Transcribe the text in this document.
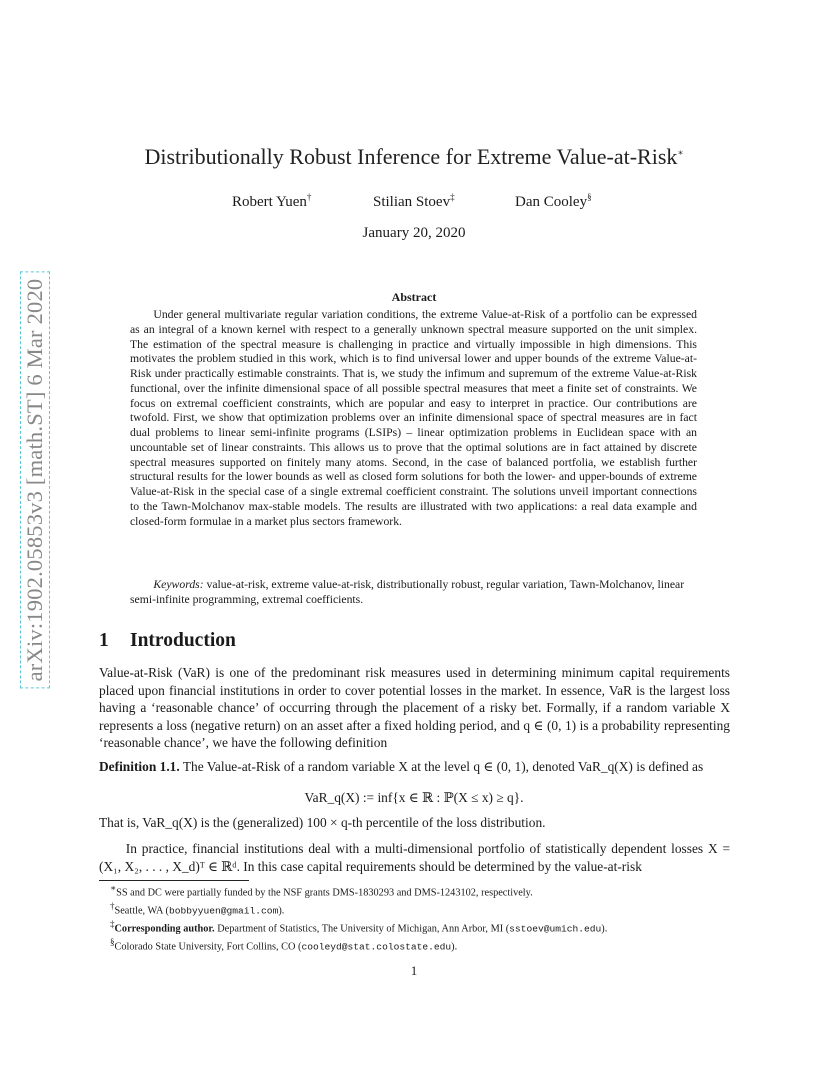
arXiv:1902.05853v3 [math.ST] 6 Mar 2020
Distributionally Robust Inference for Extreme Value-at-Risk∗
Robert Yuen†	Stilian Stoev‡	Dan Cooley§
January 20, 2020
Abstract

Under general multivariate regular variation conditions, the extreme Value-at-Risk of a portfolio can be expressed as an integral of a known kernel with respect to a generally unknown spectral measure supported on the unit simplex. The estimation of the spectral measure is challenging in practice and virtually impossible in high dimensions. This motivates the problem studied in this work, which is to find universal lower and upper bounds of the extreme Value-at-Risk under practically estimable constraints. That is, we study the infimum and supremum of the extreme Value-at-Risk functional, over the infinite dimensional space of all possible spectral measures that meet a finite set of constraints. We focus on extremal coefficient constraints, which are popular and easy to interpret in practice. Our contributions are twofold. First, we show that optimization problems over an infinite dimensional space of spectral measures are in fact dual problems to linear semi-infinite programs (LSIPs) – linear optimization problems in Euclidean space with an uncountable set of linear constraints. This allows us to prove that the optimal solutions are in fact attained by discrete spectral measures supported on finitely many atoms. Second, in the case of balanced portfolia, we establish further structural results for the lower bounds as well as closed form solutions for both the lower- and upper-bounds of extreme Value-at-Risk in the special case of a single extremal coefficient constraint. The solutions unveil important connections to the Tawn-Molchanov max-stable models. The results are illustrated with two applications: a real data example and closed-form formulae in a market plus sectors framework.

Keywords: value-at-risk, extreme value-at-risk, distributionally robust, regular variation, Tawn-Molchanov, linear semi-infinite programming, extremal coefficients.

1 Introduction

Value-at-Risk (VaR) is one of the predominant risk measures used in determining minimum capital requirements placed upon financial institutions in order to cover potential losses in the market. In essence, VaR is the largest loss having a ‘reasonable chance’ of occurring through the placement of a risky bet. Formally, if a random variable X represents a loss (negative return) on an asset after a fixed holding period, and q ∈ (0, 1) is a probability representing ‘reasonable chance’, we have the following definition

Definition 1.1. The Value-at-Risk of a random variable X at the level q ∈ (0, 1), denoted VaR_q(X) is defined as

VaR_q(X) := inf{x ∈ ℝ : ℙ(X ≤ x) ≥ q}.

That is, VaR_q(X) is the (generalized) 100 × q-th percentile of the loss distribution.

In practice, financial institutions deal with a multi-dimensional portfolio of statistically dependent losses X = (X₁, X₂, . . . , X_d)ᵀ ∈ ℝᵈ. In this case capital requirements should be determined by the value-at-risk

∗SS and DC were partially funded by the NSF grants DMS-1830293 and DMS-1243102, respectively.
†Seattle, WA (bobbyyuen@gmail.com).
‡Corresponding author. Department of Statistics, The University of Michigan, Ann Arbor, MI (sstoev@umich.edu).
§Colorado State University, Fort Collins, CO (cooleyd@stat.colostate.edu).
1
